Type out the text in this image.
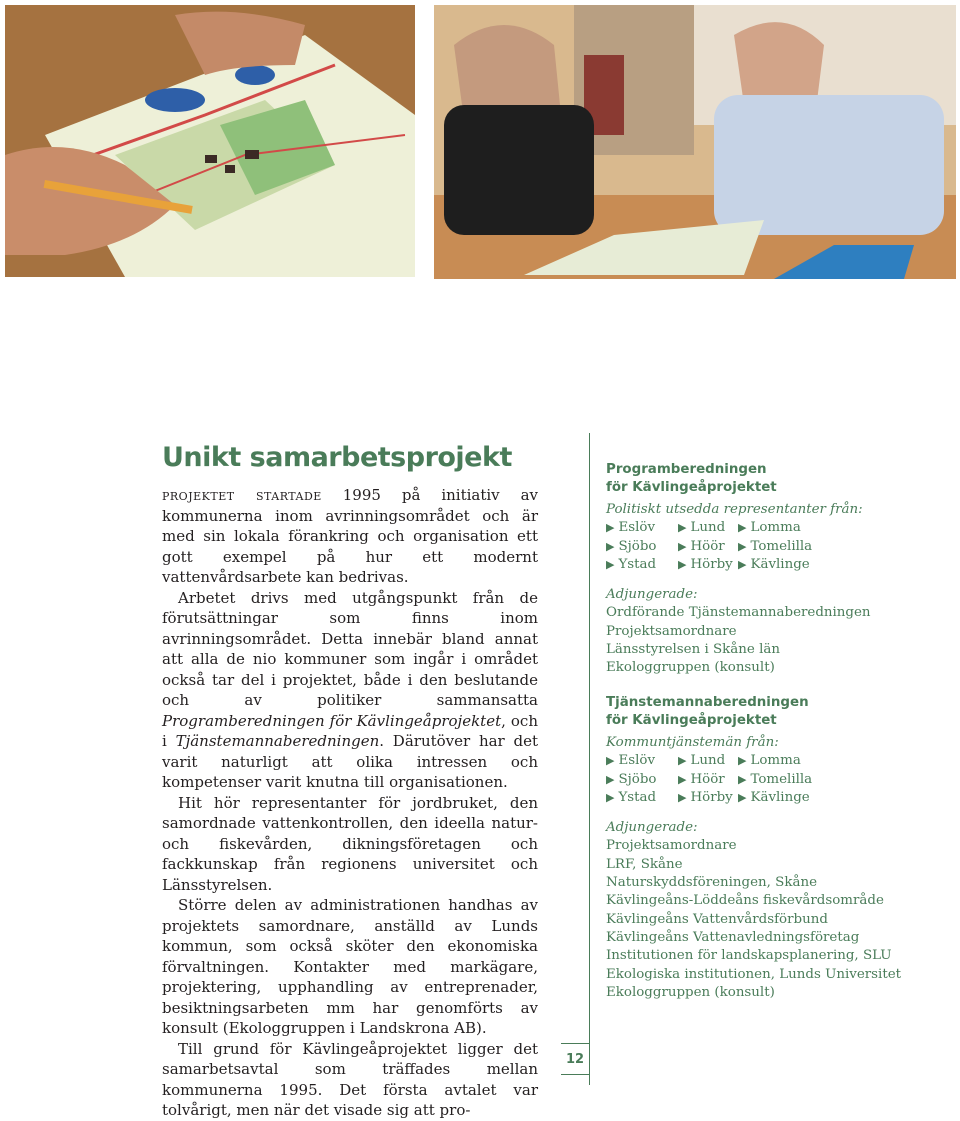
Unikt samarbetsprojekt

projektet startade 1995 på initiativ av kommunerna inom avrinningsområdet och är med sin lokala förankring och organisation ett gott exempel på hur ett modernt vattenvårdsarbete kan bedrivas.

Arbetet drivs med utgångspunkt från de förutsättningar som finns inom avrinningsområdet. Detta innebär bland annat att alla de nio kommuner som ingår i området också tar del i projektet, både i den beslutande och av politiker sammansatta Programberedningen för Kävlingeåprojektet, och i Tjänstemannaberedningen. Därutöver har det varit naturligt att olika intressen och kompetenser varit knutna till organisationen.

Hit hör representanter för jordbruket, den samordnade vattenkontrollen, den ideella natur- och fiskevården, dikningsföretagen och fackkunskap från regionens universitet och Länsstyrelsen.

Större delen av administrationen handhas av projektets samordnare, anställd av Lunds kommun, som också sköter den ekonomiska förvaltningen. Kontakter med markägare, projektering, upphandling av entreprenader, besiktningsarbeten mm har genomförts av konsult (Ekologgruppen i Landskrona AB).

Till grund för Kävlingeåprojektet ligger det samarbetsavtal som träffades mellan kommunerna 1995. Det första avtalet var tolvårigt, men när det visade sig att pro-

12
Programberedningen
för Kävlingeåprojektet
Politiskt utsedda representanter från:
▶ Eslöv	▶ Lund	▶ Lomma
▶ Sjöbo	▶ Höör	▶ Tomelilla
▶ Ystad	▶ Hörby ▶ Kävlinge
Adjungerade:
Ordförande Tjänstemannaberedningen
Projektsamordnare
Länsstyrelsen i Skåne län
Ekologgruppen (konsult)
Tjänstemannaberedningen
för Kävlingeåprojektet
Kommuntjänstemän från:
▶ Eslöv	▶ Lund	▶ Lomma
▶ Sjöbo	▶ Höör	▶ Tomelilla
▶ Ystad	▶ Hörby ▶ Kävlinge
Adjungerade:
Projektsamordnare
LRF, Skåne
Naturskyddsföreningen, Skåne
Kävlingeåns-Löddeåns fiskevårdsområde
Kävlingeåns Vattenvårdsförbund
Kävlingeåns Vattenavledningsföretag
Institutionen för landskapsplanering, SLU
Ekologiska institutionen, Lunds Universitet
Ekologgruppen (konsult)
